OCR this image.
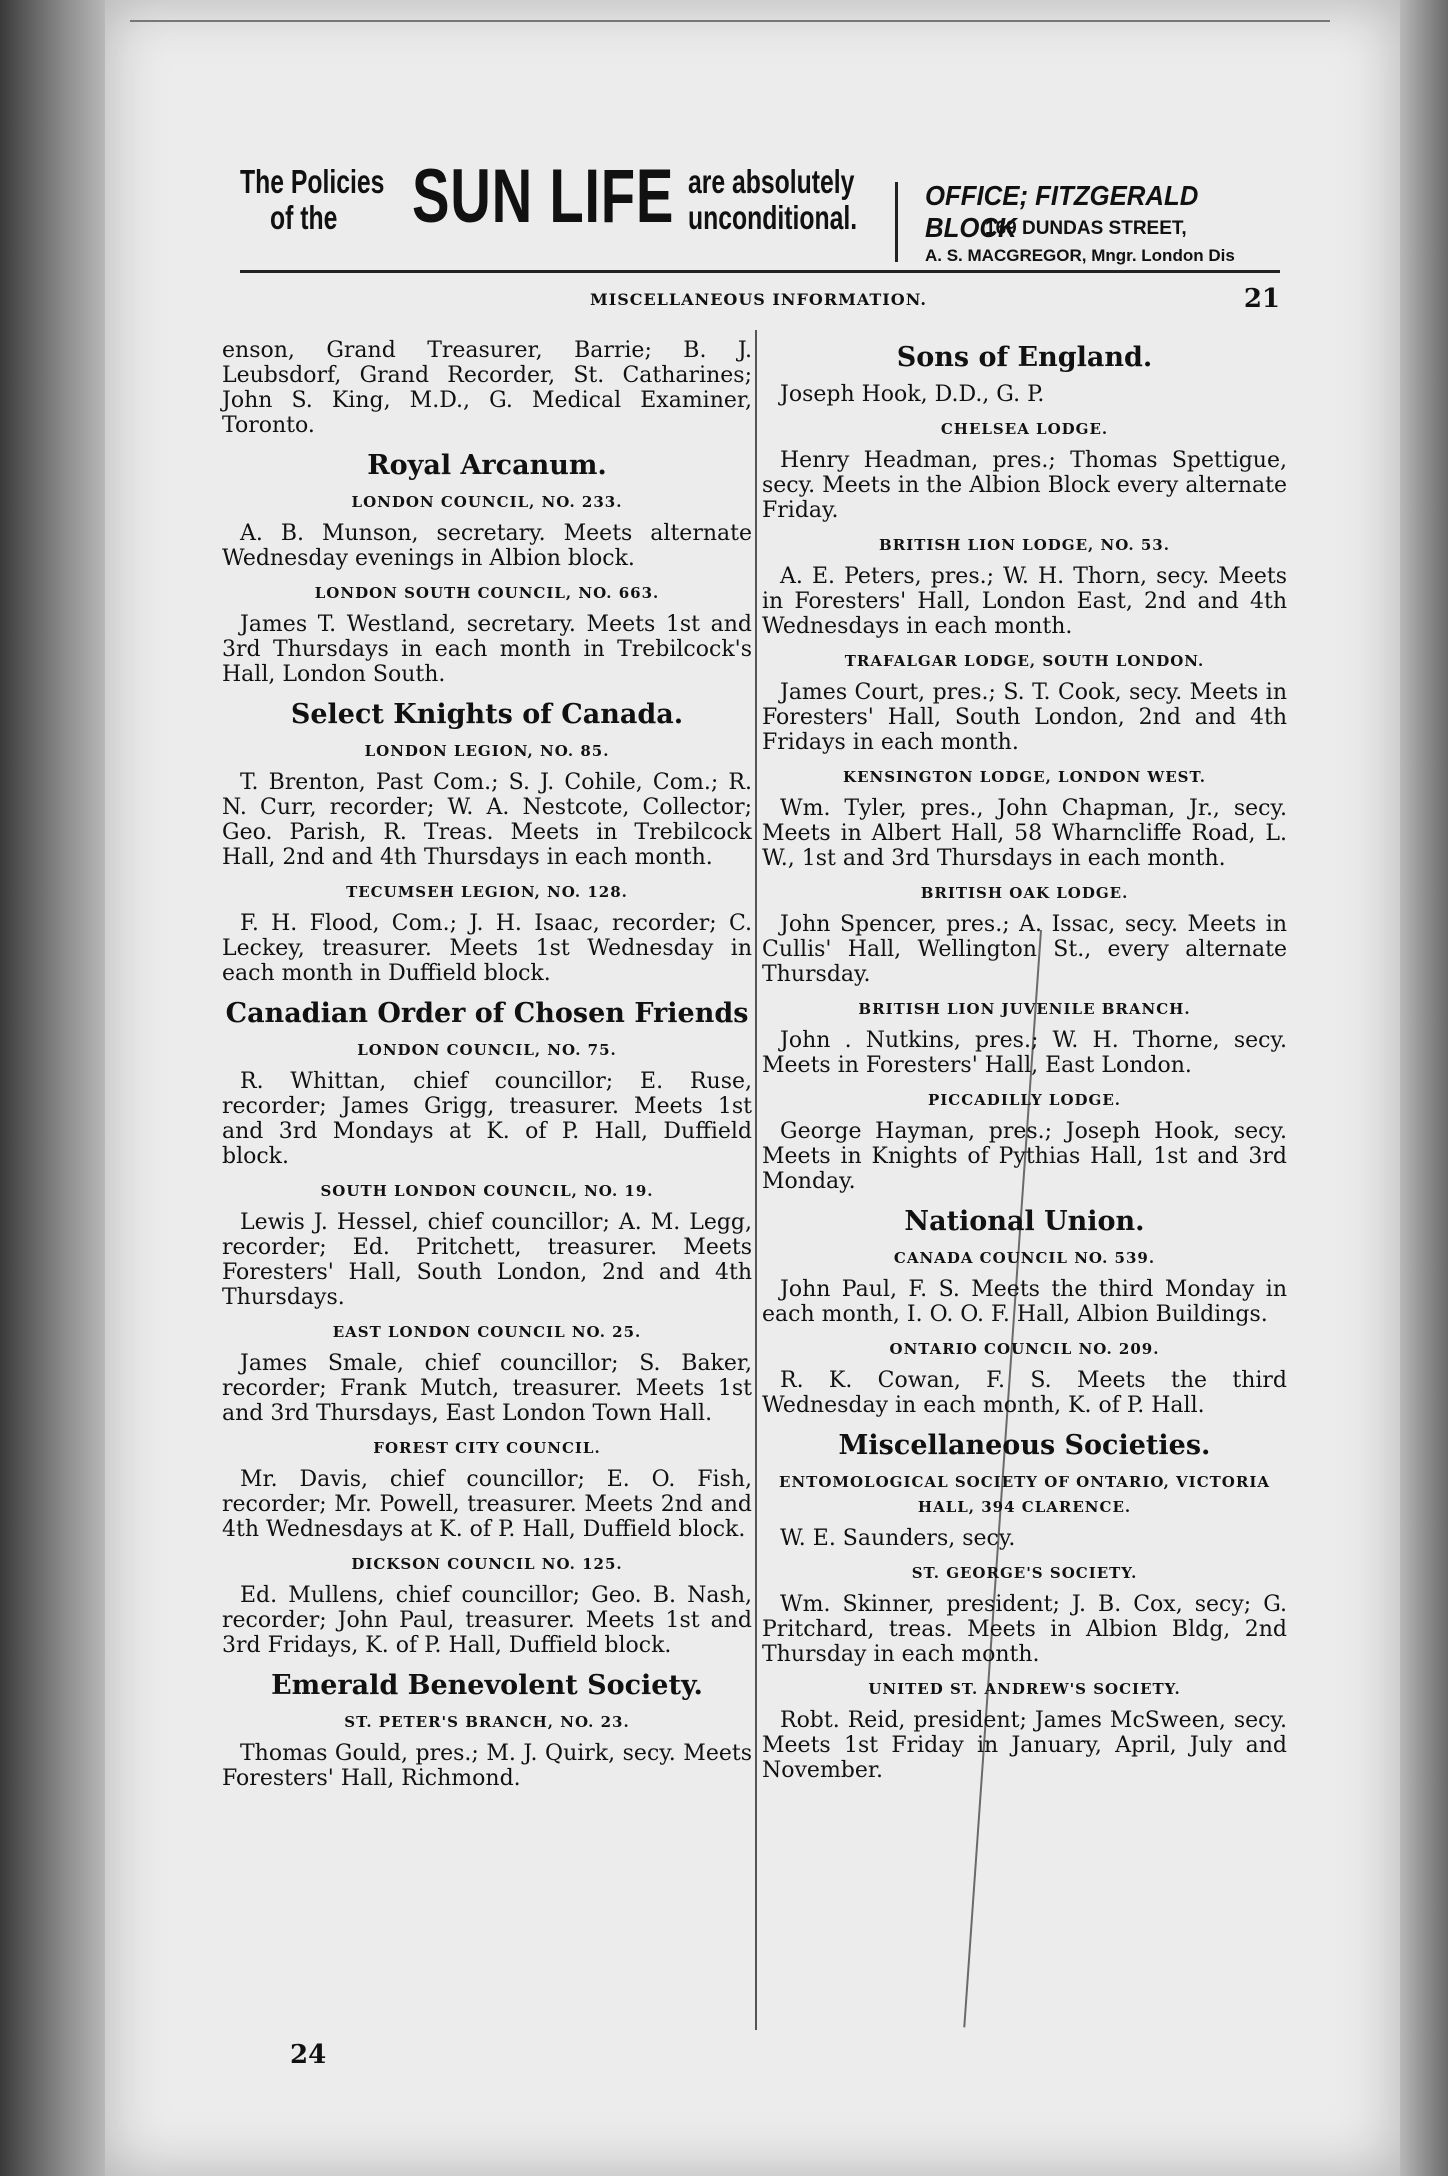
The Policies
of the SUN LIFE are absolutely
unconditional.
OFFICE; FITZGERALD BLOCK
169 DUNDAS STREET,
A. S. MACGREGOR, Mngr. London Dis
MISCELLANEOUS INFORMATION.	21

enson, Grand Treasurer, Barrie; B. J. Leubsdorf, Grand Recorder, St. Catharines; John S. King, M.D., G. Medical Examiner, Toronto.

Royal Arcanum.
LONDON COUNCIL, NO. 233.

A. B. Munson, secretary. Meets alternate Wednesday evenings in Albion block.

LONDON SOUTH COUNCIL, NO. 663.

James T. Westland, secretary. Meets 1st and 3rd Thursdays in each month in Trebilcock's Hall, London South.

Select Knights of Canada.
LONDON LEGION, NO. 85.

T. Brenton, Past Com.; S. J. Cohile, Com.; R. N. Curr, recorder; W. A. Nestcote, Collector; Geo. Parish, R. Treas. Meets in Trebilcock Hall, 2nd and 4th Thursdays in each month.

TECUMSEH LEGION, NO. 128.

F. H. Flood, Com.; J. H. Isaac, recorder; C. Leckey, treasurer. Meets 1st Wednesday in each month in Duffield block.

Canadian Order of Chosen Friends
LONDON COUNCIL, NO. 75.

R. Whittan, chief councillor; E. Ruse, recorder; James Grigg, treasurer. Meets 1st and 3rd Mondays at K. of P. Hall, Duffield block.

SOUTH LONDON COUNCIL, NO. 19.

Lewis J. Hessel, chief councillor; A. M. Legg, recorder; Ed. Pritchett, treasurer. Meets Foresters' Hall, South London, 2nd and 4th Thursdays.

EAST LONDON COUNCIL NO. 25.

James Smale, chief councillor; S. Baker, recorder; Frank Mutch, treasurer. Meets 1st and 3rd Thursdays, East London Town Hall.

FOREST CITY COUNCIL.

Mr. Davis, chief councillor; E. O. Fish, recorder; Mr. Powell, treasurer. Meets 2nd and 4th Wednesdays at K. of P. Hall, Duffield block.

DICKSON COUNCIL NO. 125.

Ed. Mullens, chief councillor; Geo. B. Nash, recorder; John Paul, treasurer. Meets 1st and 3rd Fridays, K. of P. Hall, Duffield block.

Emerald Benevolent Society.
ST. PETER'S BRANCH, NO. 23.

Thomas Gould, pres.; M. J. Quirk, secy. Meets Foresters' Hall, Richmond.

Sons of England.

Joseph Hook, D.D., G. P.

CHELSEA LODGE.

Henry Headman, pres.; Thomas Spettigue, secy. Meets in the Albion Block every alternate Friday.

BRITISH LION LODGE, NO. 53.

A. E. Peters, pres.; W. H. Thorn, secy. Meets in Foresters' Hall, London East, 2nd and 4th Wednesdays in each month.

TRAFALGAR LODGE, SOUTH LONDON.

James Court, pres.; S. T. Cook, secy. Meets in Foresters' Hall, South London, 2nd and 4th Fridays in each month.

KENSINGTON LODGE, LONDON WEST.

Wm. Tyler, pres., John Chapman, Jr., secy. Meets in Albert Hall, 58 Wharncliffe Road, L. W., 1st and 3rd Thursdays in each month.

BRITISH OAK LODGE.

John Spencer, pres.; A. Issac, secy. Meets in Cullis' Hall, Wellington St., every alternate Thursday.

BRITISH LION JUVENILE BRANCH.

John . Nutkins, pres.; W. H. Thorne, secy. Meets in Foresters' Hall, East London.

PICCADILLY LODGE.

George Hayman, pres.; Joseph Hook, secy. Meets in Knights of Pythias Hall, 1st and 3rd Monday.

National Union.
CANADA COUNCIL NO. 539.

John Paul, F. S. Meets the third Monday in each month, I. O. O. F. Hall, Albion Buildings.

ONTARIO COUNCIL NO. 209.

R. K. Cowan, F. S. Meets the third Wednesday in each month, K. of P. Hall.

Miscellaneous Societies.
ENTOMOLOGICAL SOCIETY OF ONTARIO, VICTORIA HALL, 394 CLARENCE.

W. E. Saunders, secy.

ST. GEORGE'S SOCIETY.

Wm. Skinner, president; J. B. Cox, secy; G. Pritchard, treas. Meets in Albion Bldg, 2nd Thursday in each month.

UNITED ST. ANDREW'S SOCIETY.

Robt. Reid, president; James McSween, secy. Meets 1st Friday in January, April, July and November.

24
